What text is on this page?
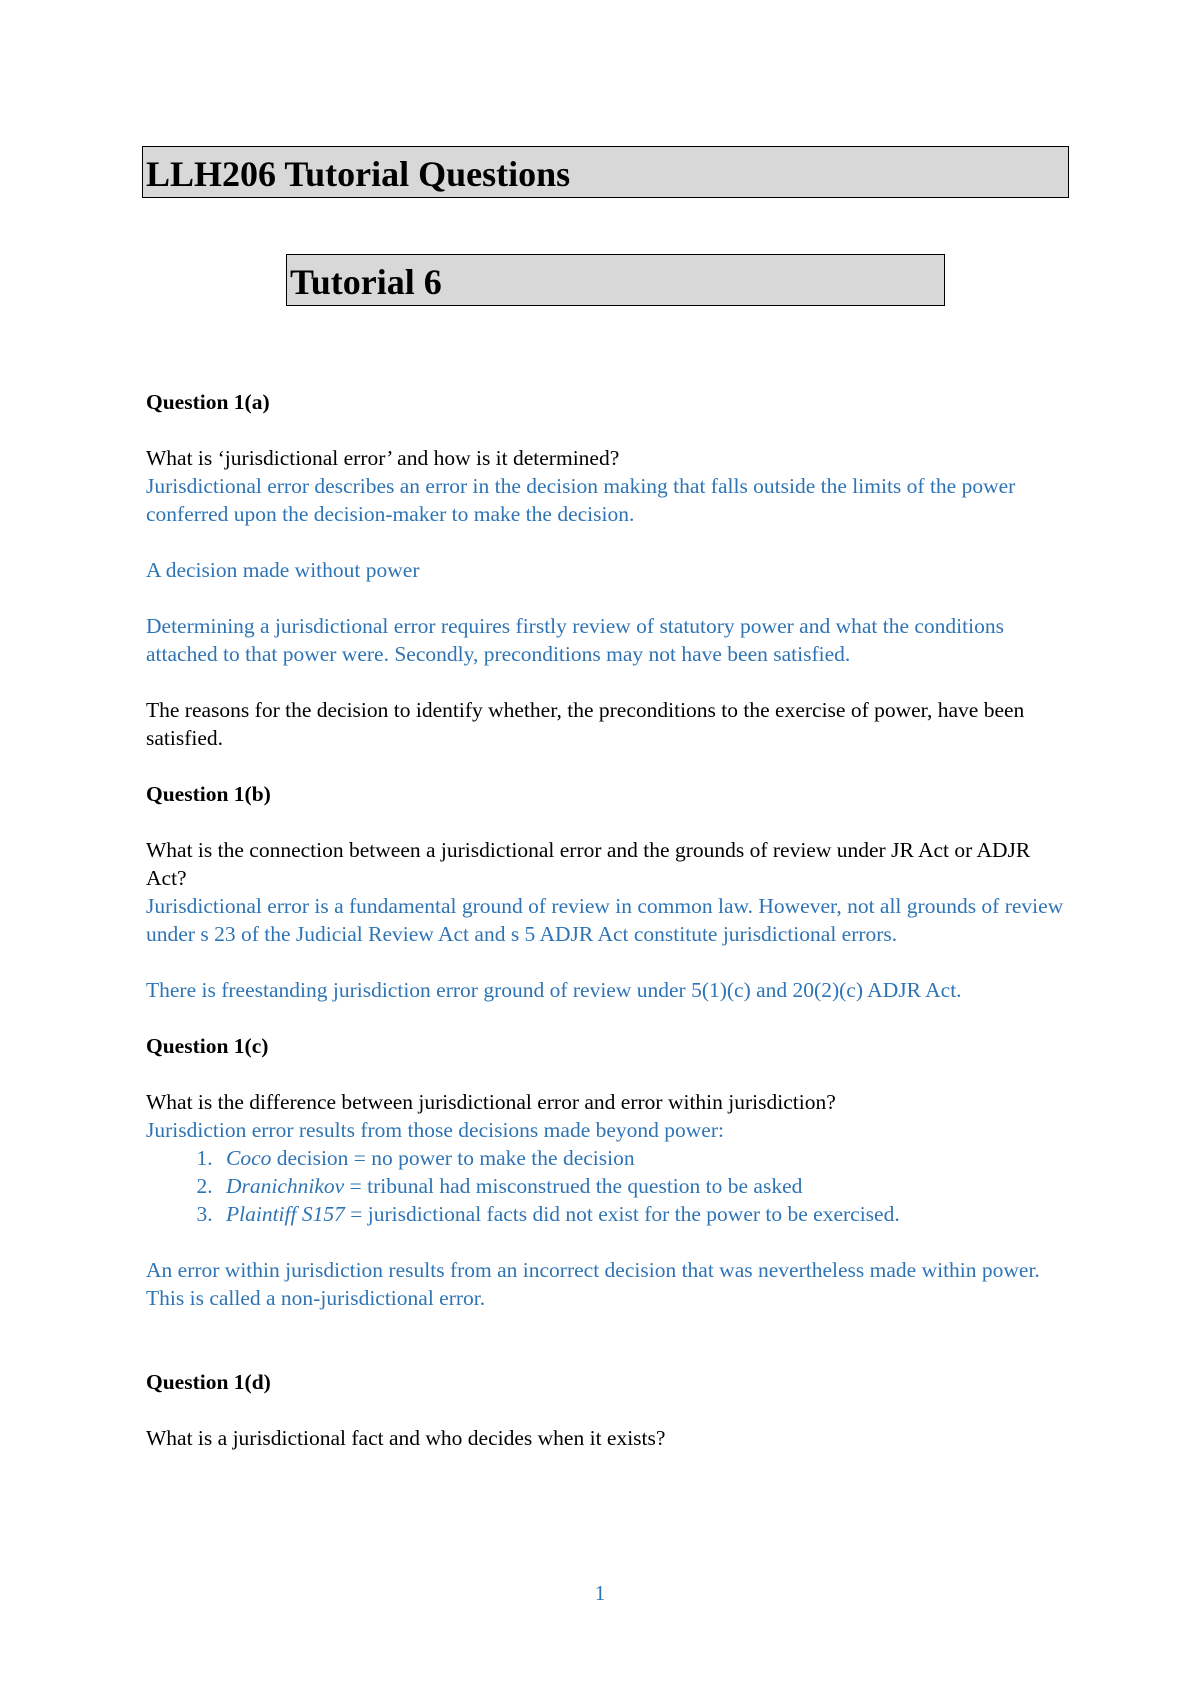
LLH206 Tutorial Questions
Tutorial 6

Question 1(a)

What is ‘jurisdictional error’ and how is it determined?

Jurisdictional error describes an error in the decision making that falls outside the limits of the power conferred upon the decision-maker to make the decision.

A decision made without power

Determining a jurisdictional error requires firstly review of statutory power and what the conditions attached to that power were. Secondly, preconditions may not have been satisfied.

The reasons for the decision to identify whether, the preconditions to the exercise of power, have been satisfied.

Question 1(b)

What is the connection between a jurisdictional error and the grounds of review under JR Act or ADJR Act?

Jurisdictional error is a fundamental ground of review in common law. However, not all grounds of review under s 23 of the Judicial Review Act and s 5 ADJR Act constitute jurisdictional errors.

There is freestanding jurisdiction error ground of review under 5(1)(c) and 20(2)(c) ADJR Act.

Question 1(c)

What is the difference between jurisdictional error and error within jurisdiction?

Jurisdiction error results from those decisions made beyond power:

1. Coco decision = no power to make the decision
2. Dranichnikov = tribunal had misconstrued the question to be asked
3. Plaintiff S157 = jurisdictional facts did not exist for the power to be exercised.

An error within jurisdiction results from an incorrect decision that was nevertheless made within power. This is called a non-jurisdictional error.

Question 1(d)

What is a jurisdictional fact and who decides when it exists?

1
